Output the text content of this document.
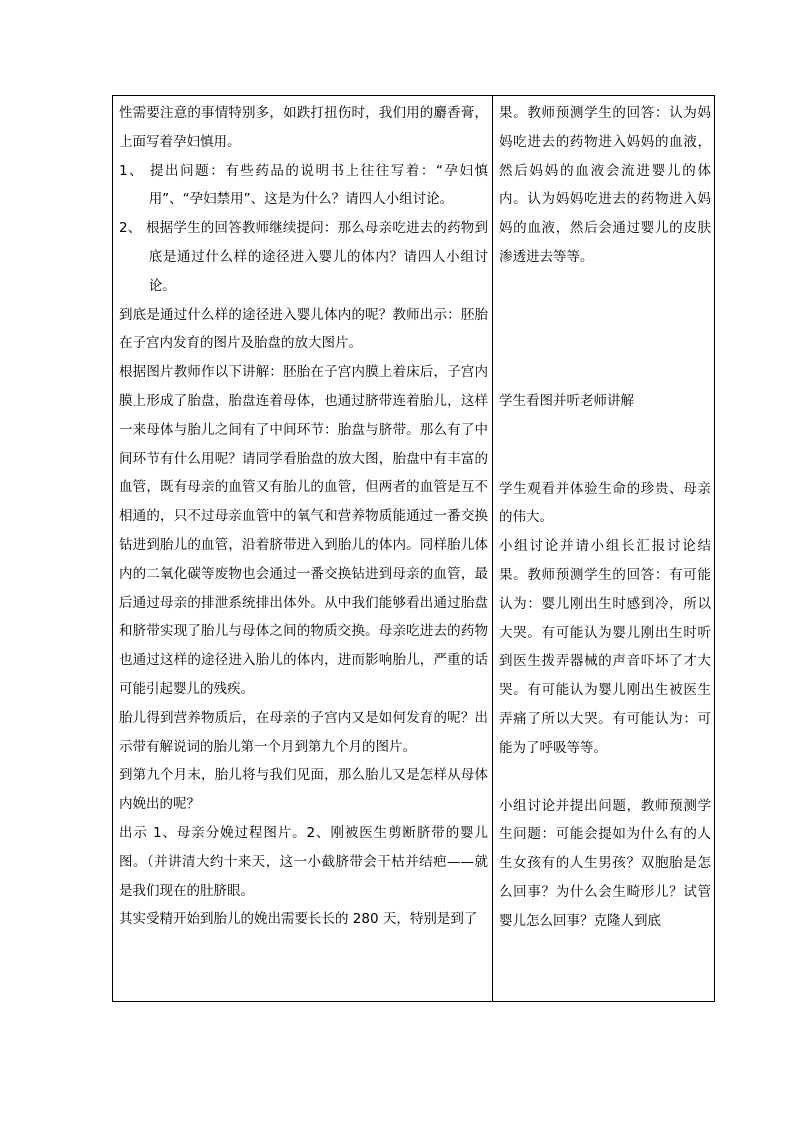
性需要注意的事情特别多，如跌打扭伤时，我们用的麝香膏，上面写着孕妇慎用。

1、 提出问题：有些药品的说明书上往往写着：“孕妇慎用”、“孕妇禁用”、这是为什么？请四人小组讨论。

2、 根据学生的回答教师继续提问：那么母亲吃进去的药物到底是通过什么样的途径进入婴儿的体内？请四人小组讨论。

到底是通过什么样的途径进入婴儿体内的呢？教师出示：胚胎在子宫内发育的图片及胎盘的放大图片。

根据图片教师作以下讲解：胚胎在子宫内膜上着床后，子宫内膜上形成了胎盘，胎盘连着母体，也通过脐带连着胎儿，这样一来母体与胎儿之间有了中间环节：胎盘与脐带。那么有了中间环节有什么用呢？请同学看胎盘的放大图，胎盘中有丰富的血管，既有母亲的血管又有胎儿的血管，但两者的血管是互不相通的，只不过母亲血管中的氧气和营养物质能通过一番交换钻进到胎儿的血管，沿着脐带进入到胎儿的体内。同样胎儿体内的二氧化碳等废物也会通过一番交换钻进到母亲的血管，最后通过母亲的排泄系统排出体外。从中我们能够看出通过胎盘和脐带实现了胎儿与母体之间的物质交换。母亲吃进去的药物也通过这样的途径进入胎儿的体内，进而影响胎儿，严重的话可能引起婴儿的残疾。

胎儿得到营养物质后，在母亲的子宫内又是如何发育的呢？出示带有解说词的胎儿第一个月到第九个月的图片。

到第九个月末，胎儿将与我们见面，那么胎儿又是怎样从母体内娩出的呢？

出示 1、母亲分娩过程图片。2、刚被医生剪断脐带的婴儿图。（并讲清大约十来天，这一小截脐带会干枯并结疤——就是我们现在的肚脐眼。

其实受精开始到胎儿的娩出需要长长的 280 天，特别是到了

果。教师预测学生的回答：认为妈妈吃进去的药物进入妈妈的血液，然后妈妈的血液会流进婴儿的体内。认为妈妈吃进去的药物进入妈妈的血液，然后会通过婴儿的皮肤渗透进去等等。

学生看图并听老师讲解

学生观看并体验生命的珍贵、母亲的伟大。

小组讨论并请小组长汇报讨论结果。教师预测学生的回答：有可能认为：婴儿刚出生时感到冷，所以大哭。有可能认为婴儿刚出生时听到医生拨弄器械的声音吓坏了才大哭。有可能认为婴儿刚出生被医生弄痛了所以大哭。有可能认为：可能为了呼吸等等。

小组讨论并提出问题，教师预测学生问题：可能会提如为什么有的人生女孩有的人生男孩？双胞胎是怎么回事？为什么会生畸形儿？试管婴儿怎么回事？克隆人到底
